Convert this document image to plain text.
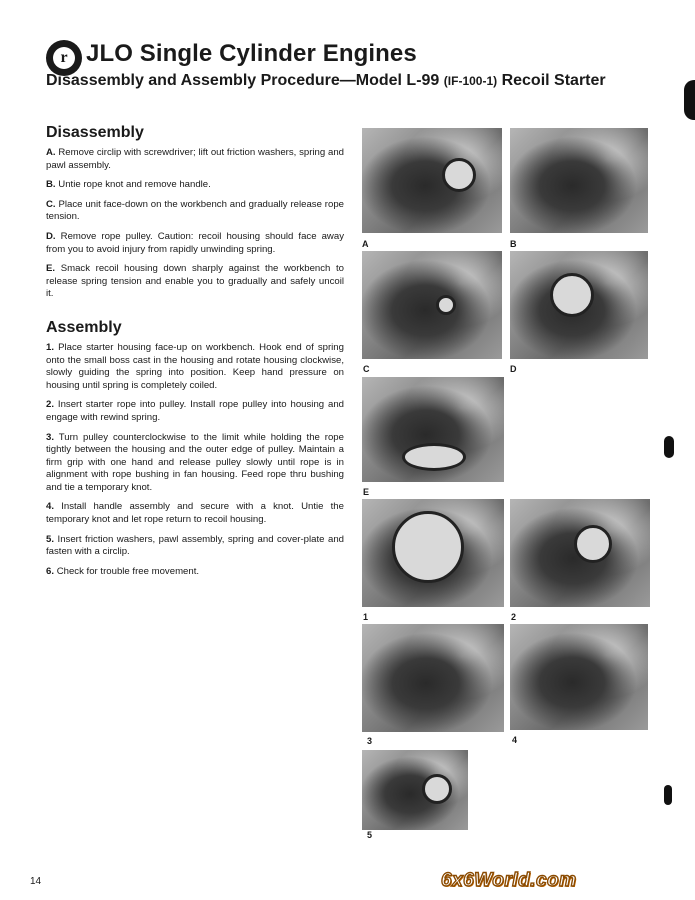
r JLO Single Cylinder Engines
Disassembly and Assembly Procedure—Model L-99 (IF-100-1) Recoil Starter
Disassembly
A. Remove circlip with screwdriver; lift out friction washers, spring and pawl assembly.
B. Untie rope knot and remove handle.
C. Place unit face-down on the workbench and gradually release rope tension.
D. Remove rope pulley. Caution: recoil housing should face away from you to avoid injury from rapidly unwinding spring.
E. Smack recoil housing down sharply against the workbench to release spring tension and enable you to gradually and safely uncoil it.
Assembly
1. Place starter housing face-up on workbench. Hook end of spring onto the small boss cast in the housing and rotate housing clockwise, slowly guiding the spring into position. Keep hand pressure on housing until spring is completely coiled.
2. Insert starter rope into pulley. Install rope pulley into housing and engage with rewind spring.
3. Turn pulley counterclockwise to the limit while holding the rope tightly between the housing and the outer edge of pulley. Maintain a firm grip with one hand and release pulley slowly until rope is in alignment with rope bushing in fan housing. Feed rope thru bushing and tie a temporary knot.
4. Install handle assembly and secure with a knot. Untie the temporary knot and let rope return to recoil housing.
5. Insert friction washers, pawl assembly, spring and cover-plate and fasten with a circlip.
6. Check for trouble free movement.
A	B
C	D
E
1	2
3	4
5
14	6x6World.com
